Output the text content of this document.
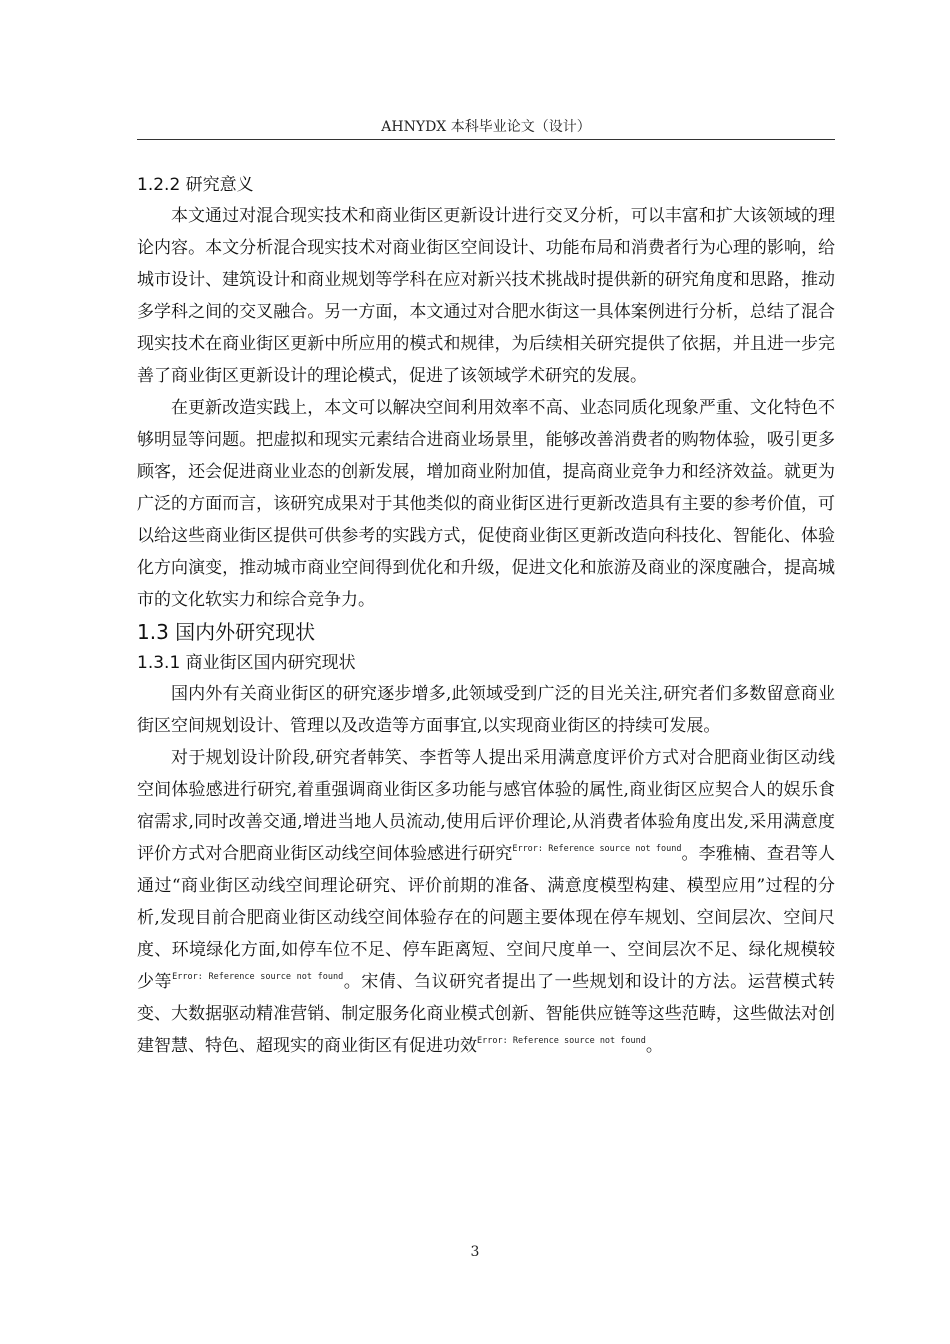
AHNYDX 本科毕业论文（设计）

1.2.2 研究意义

本文通过对混合现实技术和商业街区更新设计进行交叉分析，可以丰富和扩大该领域的理论内容。本文分析混合现实技术对商业街区空间设计、功能布局和消费者行为心理的影响，给城市设计、建筑设计和商业规划等学科在应对新兴技术挑战时提供新的研究角度和思路，推动多学科之间的交叉融合。另一方面，本文通过对合肥水街这一具体案例进行分析，总结了混合现实技术在商业街区更新中所应用的模式和规律，为后续相关研究提供了依据，并且进一步完善了商业街区更新设计的理论模式，促进了该领域学术研究的发展。

在更新改造实践上，本文可以解决空间利用效率不高、业态同质化现象严重、文化特色不够明显等问题。把虚拟和现实元素结合进商业场景里，能够改善消费者的购物体验，吸引更多顾客，还会促进商业业态的创新发展，增加商业附加值，提高商业竞争力和经济效益。就更为广泛的方面而言，该研究成果对于其他类似的商业街区进行更新改造具有主要的参考价值，可以给这些商业街区提供可供参考的实践方式，促使商业街区更新改造向科技化、智能化、体验化方向演变，推动城市商业空间得到优化和升级，促进文化和旅游及商业的深度融合，提高城市的文化软实力和综合竞争力。

1.3 国内外研究现状

1.3.1 商业街区国内研究现状

国内外有关商业街区的研究逐步增多,此领域受到广泛的目光关注,研究者们多数留意商业街区空间规划设计、管理以及改造等方面事宜,以实现商业街区的持续可发展。

对于规划设计阶段,研究者韩笑、李哲等人提出采用满意度评价方式对合肥商业街区动线空间体验感进行研究,着重强调商业街区多功能与感官体验的属性,商业街区应契合人的娱乐食宿需求,同时改善交通,增进当地人员流动,使用后评价理论,从消费者体验角度出发,采用满意度评价方式对合肥商业街区动线空间体验感进行研究$^{Error: Reference source not found}$。李雅楠、查君等人通过“商业街区动线空间理论研究、评价前期的准备、满意度模型构建、模型应用”过程的分析,发现目前合肥商业街区动线空间体验存在的问题主要体现在停车规划、空间层次、空间尺度、环境绿化方面,如停车位不足、停车距离短、空间尺度单一、空间层次不足、绿化规模较少等$^{Error: Reference source not found}$。宋倩、刍议研究者提出了一些规划和设计的方法。运营模式转变、大数据驱动精准营销、制定服务化商业模式创新、智能供应链等这些范畴，这些做法对创建智慧、特色、超现实的商业街区有促进功效$^{Error: Reference source not found}$。

3
